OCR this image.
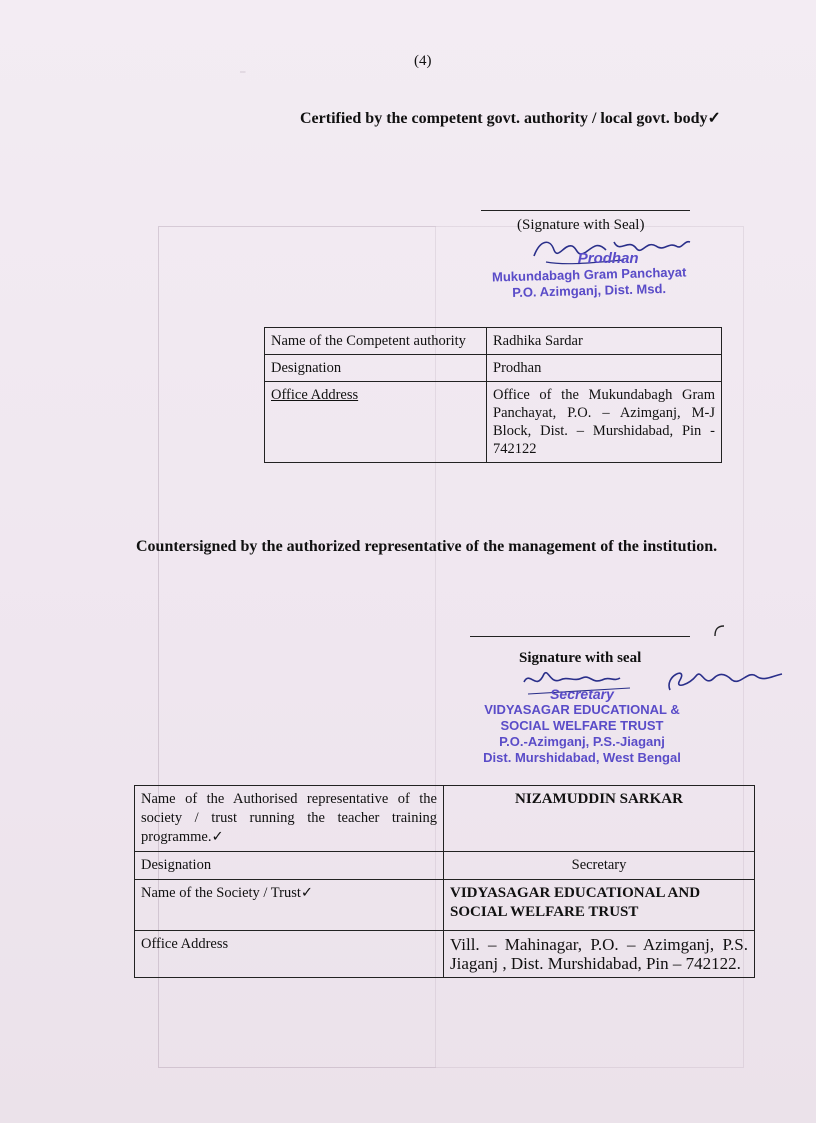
(4)
Certified by the competent govt. authority / local govt. body✓
(Signature with Seal)
Prodhan
Mukundabagh Gram Panchayat
P.O. Azimganj, Dist. Msd.
Name of the Competent authority	Radhika Sardar
Designation	Prodhan
Office Address	Office of the Mukundabagh Gram Panchayat, P.O. – Azimganj, M-J Block, Dist. – Murshidabad, Pin - 742122
Countersigned by the authorized representative of the management of the institution.
Signature with seal
Secretary
VIDYASAGAR EDUCATIONAL &
SOCIAL WELFARE TRUST
P.O.-Azimganj, P.S.-Jiaganj
Dist. Murshidabad, West Bengal
Name of the Authorised representative of the society / trust running the teacher training programme.✓	NIZAMUDDIN SARKAR
Designation	Secretary
Name of the Society / Trust✓	VIDYASAGAR EDUCATIONAL AND SOCIAL WELFARE TRUST
Office Address	Vill. – Mahinagar, P.O. – Azimganj, P.S. Jiaganj , Dist. Murshidabad, Pin – 742122.
